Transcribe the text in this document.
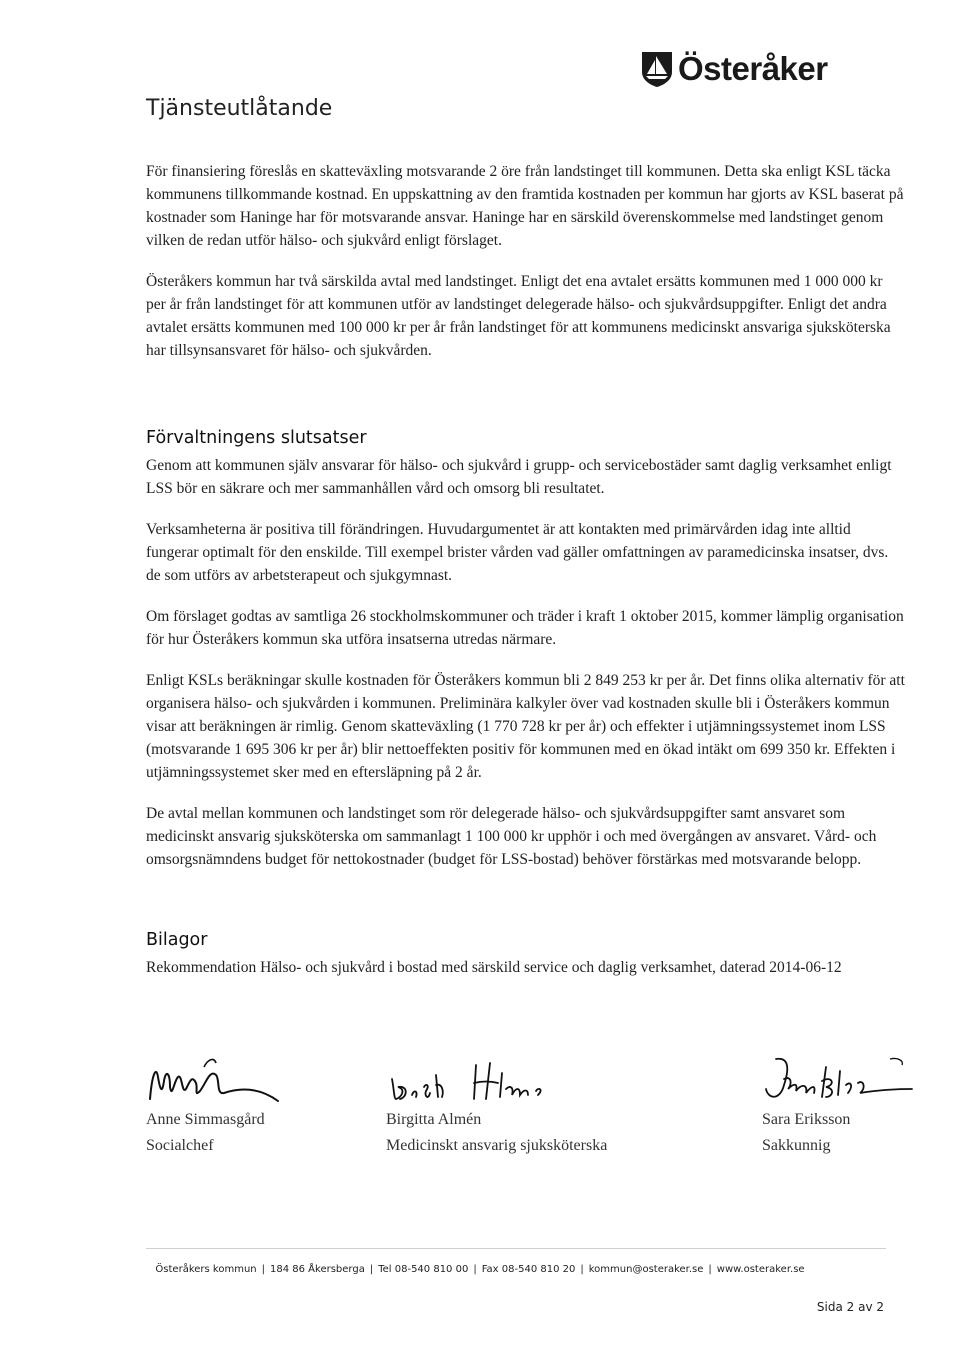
Österåker
Tjänsteutlåtande

För finansiering föreslås en skatteväxling motsvarande 2 öre från landstinget till kommunen. Detta ska enligt KSL täcka kommunens tillkommande kostnad. En uppskattning av den framtida kostnaden per kommun har gjorts av KSL baserat på kostnader som Haninge har för motsvarande ansvar. Haninge har en särskild överenskommelse med landstinget genom vilken de redan utför hälso- och sjukvård enligt förslaget.

Österåkers kommun har två särskilda avtal med landstinget. Enligt det ena avtalet ersätts kommunen med 1 000 000 kr per år från landstinget för att kommunen utför av landstinget delegerade hälso- och sjukvårdsuppgifter. Enligt det andra avtalet ersätts kommunen med 100 000 kr per år från landstinget för att kommunens medicinskt ansvariga sjuksköterska har tillsynsansvaret för hälso- och sjukvården.

Förvaltningens slutsatser

Genom att kommunen själv ansvarar för hälso- och sjukvård i grupp- och servicebostäder samt daglig verksamhet enligt LSS bör en säkrare och mer sammanhållen vård och omsorg bli resultatet.

Verksamheterna är positiva till förändringen. Huvudargumentet är att kontakten med primärvården idag inte alltid fungerar optimalt för den enskilde. Till exempel brister vården vad gäller omfattningen av paramedicinska insatser, dvs. de som utförs av arbetsterapeut och sjukgymnast.

Om förslaget godtas av samtliga 26 stockholmskommuner och träder i kraft 1 oktober 2015, kommer lämplig organisation för hur Österåkers kommun ska utföra insatserna utredas närmare.

Enligt KSLs beräkningar skulle kostnaden för Österåkers kommun bli 2 849 253 kr per år. Det finns olika alternativ för att organisera hälso- och sjukvården i kommunen. Preliminära kalkyler över vad kostnaden skulle bli i Österåkers kommun visar att beräkningen är rimlig. Genom skatteväxling (1 770 728 kr per år) och effekter i utjämningssystemet inom LSS (motsvarande 1 695 306 kr per år) blir nettoeffekten positiv för kommunen med en ökad intäkt om 699 350 kr. Effekten i utjämningssystemet sker med en eftersläpning på 2 år.

De avtal mellan kommunen och landstinget som rör delegerade hälso- och sjukvårdsuppgifter samt ansvaret som medicinskt ansvarig sjuksköterska om sammanlagt 1 100 000 kr upphör i och med övergången av ansvaret. Vård- och omsorgsnämndens budget för nettokostnader (budget för LSS-bostad) behöver förstärkas med motsvarande belopp.

Bilagor

Rekommendation Hälso- och sjukvård i bostad med särskild service och daglig verksamhet, daterad 2014-06-12

Anne Simmasgård

Socialchef

Birgitta Almén

Medicinskt ansvarig sjuksköterska

Sara Eriksson

Sakkunnig

Österåkers kommun | 184 86 Åkersberga | Tel 08-540 810 00 | Fax 08-540 810 20 | kommun@osteraker.se | www.osteraker.se
Sida 2 av 2
